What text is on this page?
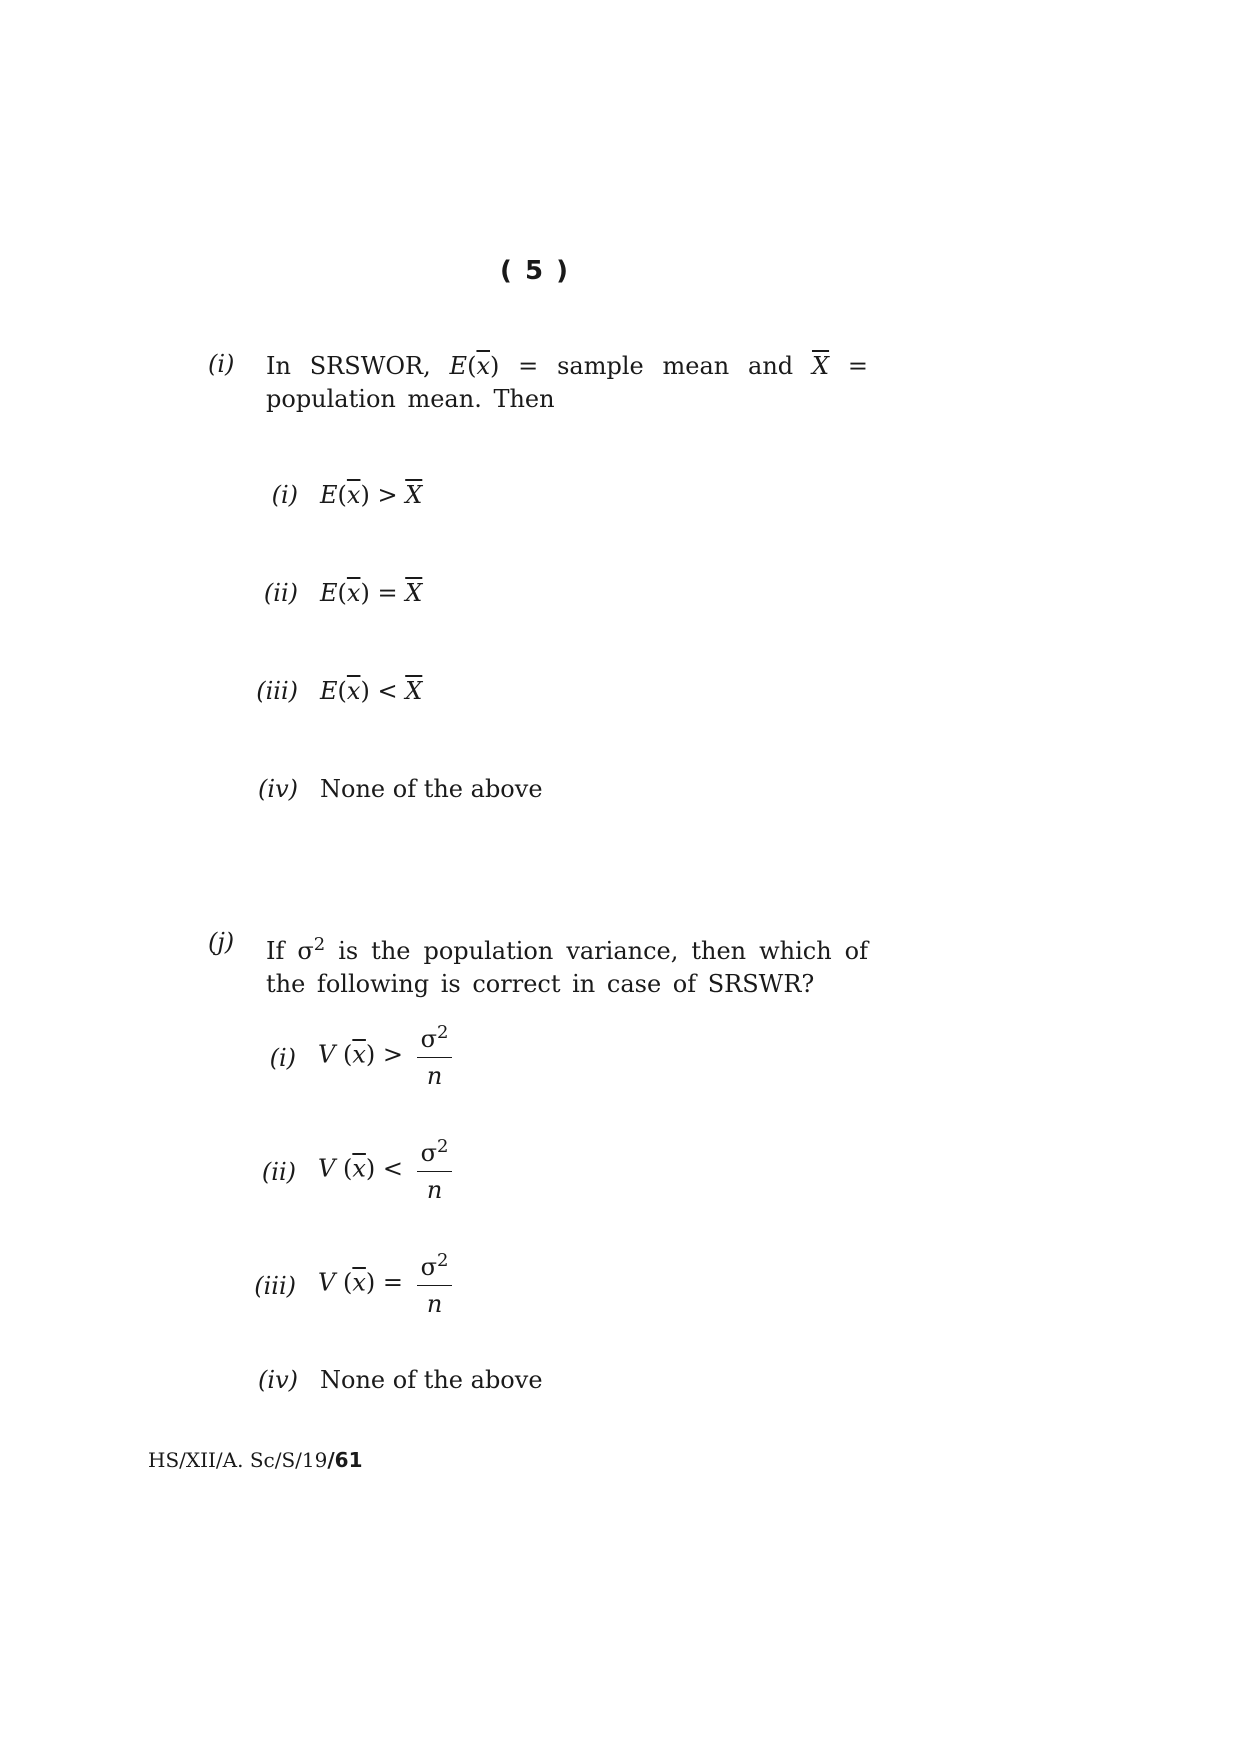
( 5 )
(i) In SRSWOR, $E(\overline{x})$ = sample mean and $\overline{X}$ =
population mean. Then
(i) $E(\overline{x}) > \overline{X}$
(ii) $E(\overline{x}) = \overline{X}$
(iii) $E(\overline{x}) < \overline{X}$
(iv) None of the above
(j) If $\sigma^2$ is the population variance, then which of
the following is correct in case of SRSWR?
(i) V $(\overline{x}) > \frac{\sigma^2}{n}$
(ii) V $(\overline{x}) < \frac{\sigma^2}{n}$
(iii) V $(\overline{x}) = \frac{\sigma^2}{n}$
(iv) None of the above
HS/XII/A. Sc/S/19/61
